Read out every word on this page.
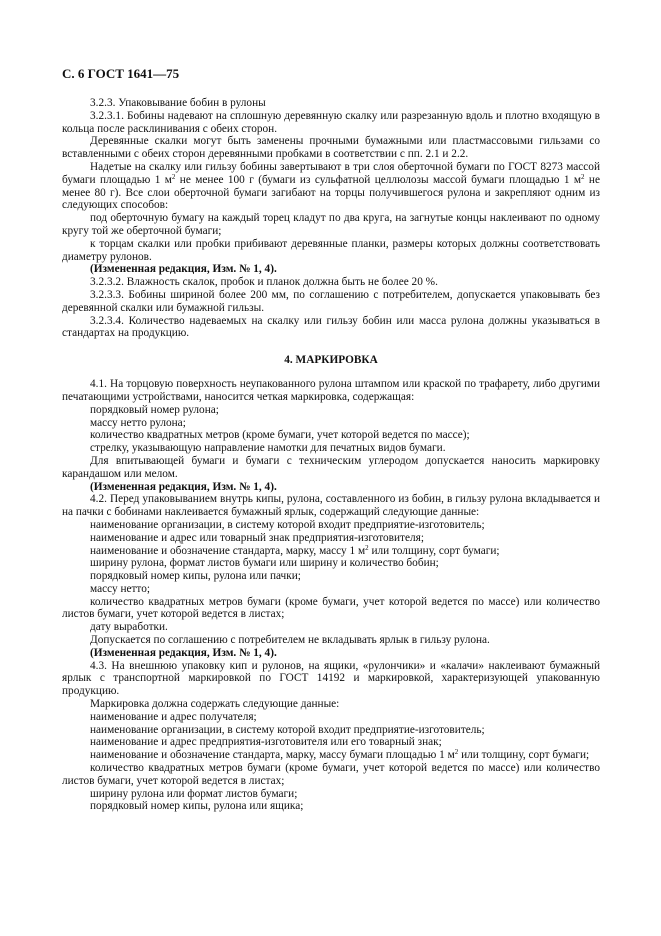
С. 6 ГОСТ 1641—75

3.2.3. Упаковывание бобин в рулоны

3.2.3.1. Бобины надевают на сплошную деревянную скалку или разрезанную вдоль и плотно входящую в кольца после расклинивания с обеих сторон.

Деревянные скалки могут быть заменены прочными бумажными или пластмассовыми гильзами со вставленными с обеих сторон деревянными пробками в соответствии с пп. 2.1 и 2.2.

Надетые на скалку или гильзу бобины завертывают в три слоя оберточной бумаги по ГОСТ 8273 массой бумаги площадью 1 $м^2$ не менее 100 г (бумаги из сульфатной целлюлозы массой бумаги площадью 1 $м^2$ не менее 80 г). Все слои оберточной бумаги загибают на торцы получившегося рулона и закрепляют одним из следующих способов:

под оберточную бумагу на каждый торец кладут по два круга, на загнутые концы наклеивают по одному кругу той же оберточной бумаги;

к торцам скалки или пробки прибивают деревянные планки, размеры которых должны соответствовать диаметру рулонов.

(Измененная редакция, Изм. № 1, 4).

3.2.3.2. Влажность скалок, пробок и планок должна быть не более 20 %.

3.2.3.3. Бобины шириной более 200 мм, по соглашению с потребителем, допускается упаковывать без деревянной скалки или бумажной гильзы.

3.2.3.4. Количество надеваемых на скалку или гильзу бобин или масса рулона должны указываться в стандартах на продукцию.

4. МАРКИРОВКА

4.1. На торцовую поверхность неупакованного рулона штампом или краской по трафарету, либо другими печатающими устройствами, наносится четкая маркировка, содержащая:

порядковый номер рулона;

массу нетто рулона;

количество квадратных метров (кроме бумаги, учет которой ведется по массе);

стрелку, указывающую направление намотки для печатных видов бумаги.

Для впитывающей бумаги и бумаги с техническим углеродом допускается наносить маркировку карандашом или мелом.

(Измененная редакция, Изм. № 1, 4).

4.2. Перед упаковыванием внутрь кипы, рулона, составленного из бобин, в гильзу рулона вкладывается и на пачки с бобинами наклеивается бумажный ярлык, содержащий следующие данные:

наименование организации, в систему которой входит предприятие-изготовитель;

наименование и адрес или товарный знак предприятия-изготовителя;

наименование и обозначение стандарта, марку, массу 1 $м^2$ или толщину, сорт бумаги;

ширину рулона, формат листов бумаги или ширину и количество бобин;

порядковый номер кипы, рулона или пачки;

массу нетто;

количество квадратных метров бумаги (кроме бумаги, учет которой ведется по массе) или количество листов бумаги, учет которой ведется в листах;

дату выработки.

Допускается по соглашению с потребителем не вкладывать ярлык в гильзу рулона.

(Измененная редакция, Изм. № 1, 4).

4.3. На внешнюю упаковку кип и рулонов, на ящики, «рулончики» и «калачи» наклеивают бумажный ярлык с транспортной маркировкой по ГОСТ 14192 и маркировкой, характеризующей упакованную продукцию.

Маркировка должна содержать следующие данные:

наименование и адрес получателя;

наименование организации, в систему которой входит предприятие-изготовитель;

наименование и адрес предприятия-изготовителя или его товарный знак;

наименование и обозначение стандарта, марку, массу бумаги площадью 1 $м^2$ или толщину, сорт бумаги;

количество квадратных метров бумаги (кроме бумаги, учет которой ведется по массе) или количество листов бумаги, учет которой ведется в листах;

ширину рулона или формат листов бумаги;

порядковый номер кипы, рулона или ящика;
